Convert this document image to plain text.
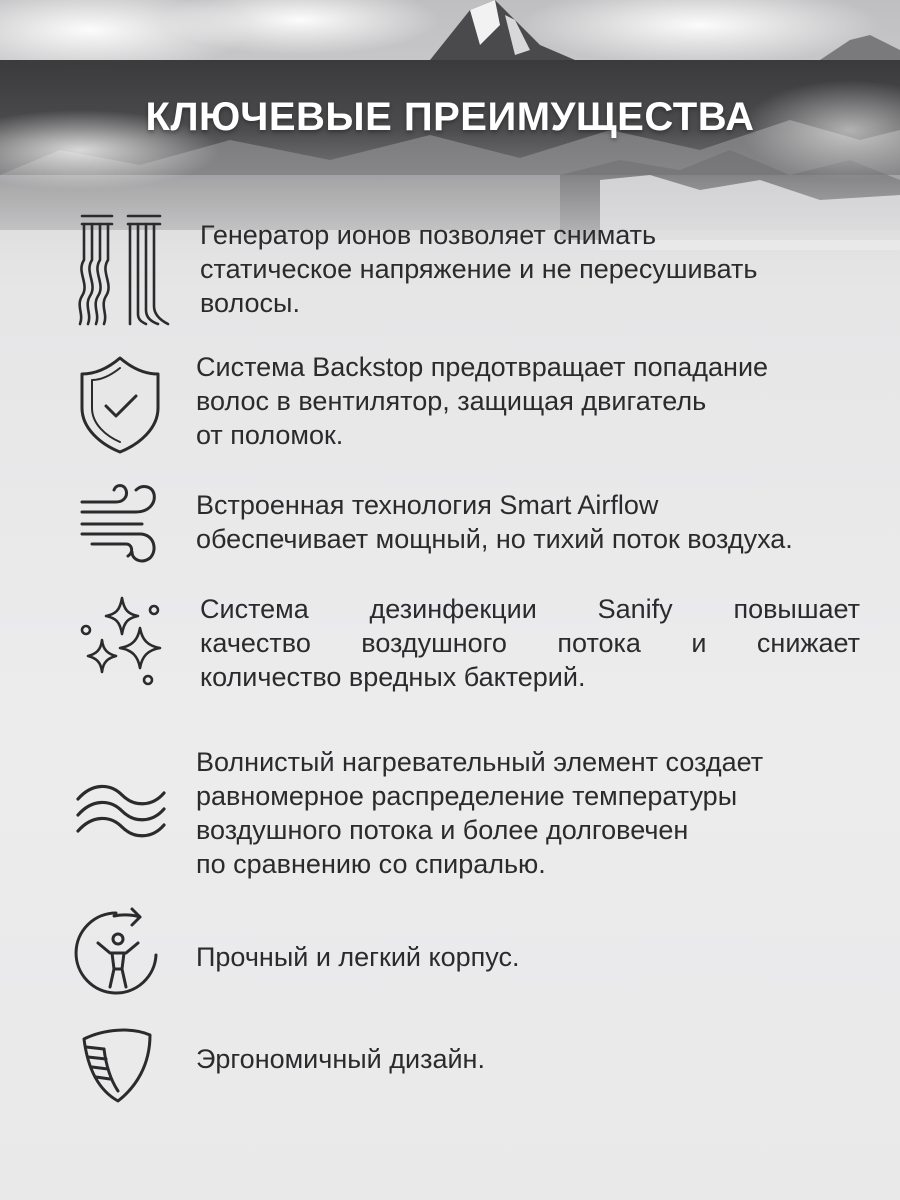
КЛЮЧЕВЫЕ ПРЕИМУЩЕСТВА
Генератор ионов позволяет снимать
статическое напряжение и не пересушивать
волосы.
Система Backstop предотвращает попадание
волос в вентилятор, защищая двигатель
от поломок.
Встроенная технология Smart Airflow
обеспечивает мощный, но тихий поток воздуха.
Система дезинфекции Sanify повышает
качество воздушного потока и снижает
количество вредных бактерий.
Волнистый нагревательный элемент создает
равномерное распределение температуры
воздушного потока и более долговечен
по сравнению со спиралью.
Прочный и легкий корпус.
Эргономичный дизайн.
